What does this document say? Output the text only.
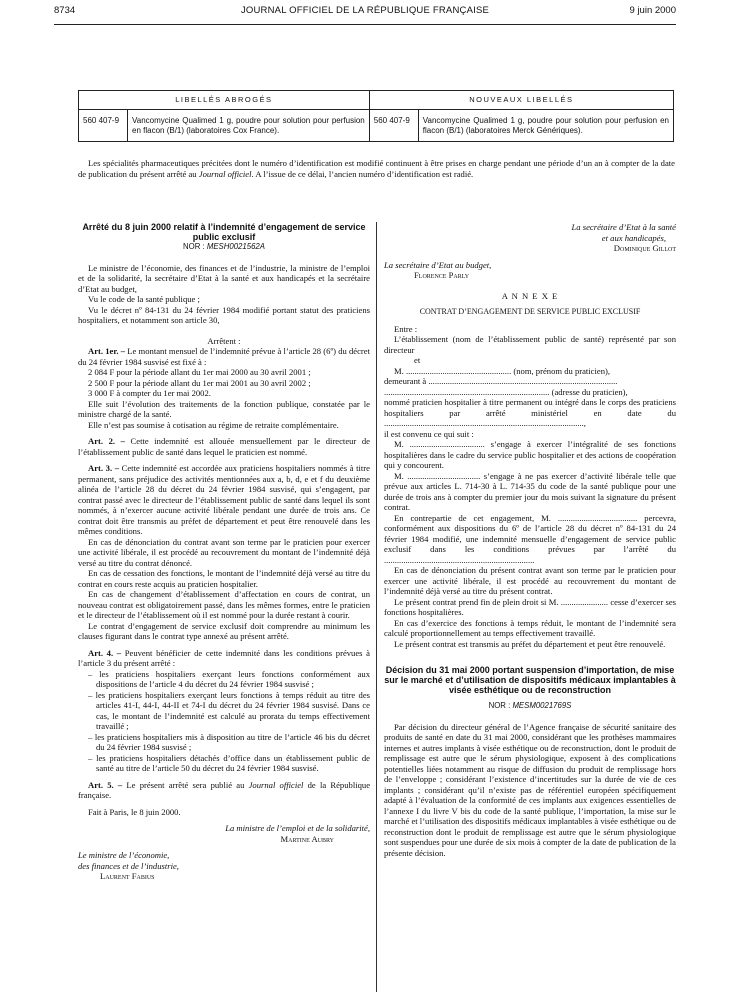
8734	JOURNAL OFFICIEL DE LA RÉPUBLIQUE FRANÇAISE	9 juin 2000
LIBELLÉS ABROGÉS		NOUVEAUX LIBELLÉS	
560 407-9	Vancomycine Qualimed 1 g, poudre pour solution pour perfusion en flacon (B/1) (laboratoires Cox France).	560 407-9	Vancomycine Qualimed 1 g, poudre pour solution pour perfusion en flacon (B/1) (laboratoires Merck Génériques).

Les spécialités pharmaceutiques précitées dont le numéro d’identification est modifié continuent à être prises en charge pendant une période d’un an à compter de la date de publication du présent arrêté au Journal officiel. A l’issue de ce délai, l’ancien numéro d’identification est radié.

Arrêté du 8 juin 2000 relatif à l’indemnité d’engagement de service public exclusif
NOR : MESH0021562A

Le ministre de l’économie, des finances et de l’industrie, la ministre de l’emploi et de la solidarité, la secrétaire d’Etat à la santé et aux handicapés et la secrétaire d’Etat au budget,

Vu le code de la santé publique ;

Vu le décret nº 84-131 du 24 février 1984 modifié portant statut des praticiens hospitaliers, et notamment son article 30,

Arrêtent :

Art. 1er. – Le montant mensuel de l’indemnité prévue à l’article 28 (6º) du décret du 24 février 1984 susvisé est fixé à :

2 084 F pour la période allant du 1er mai 2000 au 30 avril 2001 ;

2 500 F pour la période allant du 1er mai 2001 au 30 avril 2002 ;

3 000 F à compter du 1er mai 2002.

Elle suit l’évolution des traitements de la fonction publique, constatée par le ministre chargé de la santé.

Elle n’est pas soumise à cotisation au régime de retraite complémentaire.

Art. 2. – Cette indemnité est allouée mensuellement par le directeur de l’établissement public de santé dans lequel le praticien est nommé.

Art. 3. – Cette indemnité est accordée aux praticiens hospitaliers nommés à titre permanent, sans préjudice des activités mentionnées aux a, b, d, e et f du deuxième alinéa de l’article 28 du décret du 24 février 1984 susvisé, qui s’engagent, par contrat passé avec le directeur de l’établissement public de santé dans lequel ils sont nommés, à n’exercer aucune activité libérale pendant une durée de trois ans. Ce contrat doit être transmis au préfet de département et peut être renouvelé dans les mêmes conditions.

En cas de dénonciation du contrat avant son terme par le praticien pour exercer une activité libérale, il est procédé au recouvrement du montant de l’indemnité déjà versé au titre du contrat dénoncé.

En cas de cessation des fonctions, le montant de l’indemnité déjà versé au titre du contrat en cours reste acquis au praticien hospitalier.

En cas de changement d’établissement d’affectation en cours de contrat, un nouveau contrat est obligatoirement passé, dans les mêmes formes, entre le praticien et le directeur de l’établissement où il est nommé pour la durée restant à courir.

Le contrat d’engagement de service exclusif doit comprendre au minimum les clauses figurant dans le contrat type annexé au présent arrêté.

Art. 4. – Peuvent bénéficier de cette indemnité dans les conditions prévues à l’article 3 du présent arrêté :

– les praticiens hospitaliers exerçant leurs fonctions conformément aux dispositions de l’article 4 du décret du 24 février 1984 susvisé ;

– les praticiens hospitaliers exerçant leurs fonctions à temps réduit au titre des articles 41-I, 44-I, 44-II et 74-I du décret du 24 février 1984 susvisé. Dans ce cas, le montant de l’indemnité est calculé au prorata du temps effectivement travaillé ;

– les praticiens hospitaliers mis à disposition au titre de l’article 46 bis du décret du 24 février 1984 susvisé ;

– les praticiens hospitaliers détachés d’office dans un établissement public de santé au titre de l’article 50 du décret du 24 février 1984 susvisé.

Art. 5. – Le présent arrêté sera publié au Journal officiel de la République française.

Fait à Paris, le 8 juin 2000.

La ministre de l’emploi et de la solidarité,

Martine Aubry

Le ministre de l’économie,

des finances et de l’industrie,

Laurent Fabius

La secrétaire d’Etat à la santé

et aux handicapés,

Dominique Gillot

La secrétaire d’Etat au budget,

Florence Parly

A N N E X E

CONTRAT D’ENGAGEMENT DE SERVICE PUBLIC EXCLUSIF

Entre :

L’établissement (nom de l’établissement public de santé) représenté par son directeur

et

M. ................................................. (nom, prénom du praticien),

demeurant à ........................................................................................

............................................................................. (adresse du praticien),

nommé praticien hospitalier à titre permanent ou intégré dans le corps des praticiens hospitaliers par arrêté ministériel en date du .............................................................................................,

il est convenu ce qui suit :

M. ................................... s’engage à exercer l’intégralité de ses fonctions hospitalières dans le cadre du service public hospitalier et des actions de coopération qui y concourent.

M. .................................. s’engage à ne pas exercer d’activité libérale telle que prévue aux articles L. 714-30 à L. 714-35 du code de la santé publique pour une durée de trois ans à compter du premier jour du mois suivant la signature du présent contrat.

En contrepartie de cet engagement, M. ..................................... percevra, conformément aux dispositions du 6º de l’article 28 du décret nº 84-131 du 24 février 1984 modifié, une indemnité mensuelle d’engagement de service public exclusif dans les conditions prévues par l’arrêté du ......................................................................

En cas de dénonciation du présent contrat avant son terme par le praticien pour exercer une activité libérale, il est procédé au recouvrement du montant de l’indemnité déjà versé au titre du présent contrat.

Le présent contrat prend fin de plein droit si M. ...................... cesse d’exercer ses fonctions hospitalières.

En cas d’exercice des fonctions à temps réduit, le montant de l’indemnité sera calculé proportionnellement au temps effectivement travaillé.

Le présent contrat est transmis au préfet du département et peut être renouvelé.

Décision du 31 mai 2000 portant suspension d’importation, de mise sur le marché et d’utilisation de dispositifs médicaux implantables à visée esthétique ou de reconstruction
NOR : MESM0021769S

Par décision du directeur général de l’Agence française de sécurité sanitaire des produits de santé en date du 31 mai 2000, considérant que les prothèses mammaires internes et autres implants à visée esthétique ou de reconstruction, dont le produit de remplissage est autre que le sérum physiologique, exposent à des complications potentielles liées notamment au risque de diffusion du produit de remplissage hors de l’enveloppe ; considérant l’existence d’incertitudes sur la durée de vie de ces implants ; considérant qu’il n’existe pas de référentiel européen spécifiquement adapté à l’évaluation de la conformité de ces implants aux exigences essentielles de l’annexe I du livre V bis du code de la santé publique, l’importation, la mise sur le marché et l’utilisation des dispositifs médicaux implantables à visée esthétique ou de reconstruction dont le produit de remplissage est autre que le sérum physiologique sont suspendues pour une durée de six mois à compter de la date de publication de la présente décision.
